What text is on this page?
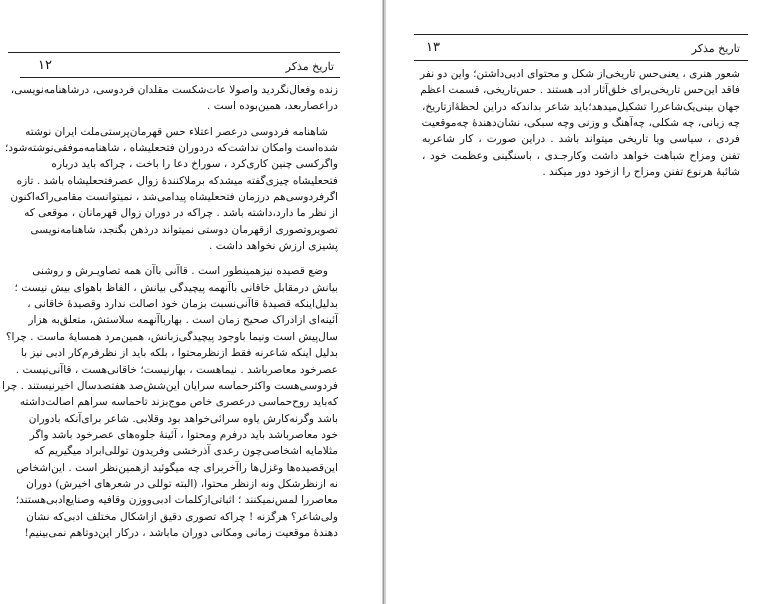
تاریخ مذکر
١٢
زنده وفعال‌نگردید واصولا عات‌شکست مقلدان فردوسی، درشاهنامه‌نویسی،
دراعصاربعد، همین‌بوده است .
شاهنامه فردوسی درعصر اعتلاء حس قهرمان‌پرستی‌ملت ایران نوشته
شده‌است وامکان نداشت‌که دردوران فتحعلیشاه ، شاهنامه‌موفقی‌نوشته‌شود؛
واگرکسی چنین کاری‌کرد ، سوراخ دعا را باخت ، چراکه باید درباره
فتحعلیشاه چیزی‌گفته میشدکه برملاکنندهٔ زوال عصرفتحعلیشاه باشد . تازه
اگرفردوسی‌هم درزمان فتحعلیشاه پیدامی‌شد ، نمیتوانست مقامی‌راکه‌اکنون
از نظر ما دارد،داشته باشد . چراکه در دوران زوال قهرمانان ، موقعی که
تصویروتصوری ازقهرمان دوستی نمیتواند درذهن بگنجد، شاهنامه‌نویسی
پشیزی ارزش نخواهد داشت .
وضع قصیده نیزهمینطور است . قاآنی باآن همه تصاویـرش و روشنی
بیانش درمقابل خاقانی باآنهمه پیچیدگی بیانش ، الفاظ باهوای بیش نیست ؛
بدلیل‌اینکه قصیدهٔ قاآنی‌نسبت بزمان خود اصالت ندارد وقصیدهٔ خاقانی ،
آئینه‌ای ازادراک صحیح زمان است . بهاربا‌آنهمه سلاستش، متعلق‌به هزار
سال‌پیش است ونیما باوجود پیچیدگی‌زبانش، همین‌مرد همسایهٔ ماست . چرا؟
بدلیل اینکه شاعرنه فقط ازنظرمحتوا ، بلکه باید از نظرفرم‌کار ادبی نیز با
عصرخود معاصرباشد . نیماهست ، بهارنیست؛ خاقانی‌هست ، قاآنی‌نیست .
فردوسی‌هست واکثرحماسه سرایان این‌شش‌صد هفتصدسال اخیرنیستند . چرا
که‌باید روح‌حماسی درعصری خاص موج‌بزند تاحماسه سراهم اصالت‌داشته
باشد وگرنه‌کارش یاوه سرائی‌خواهد بود وقلابی. شاعر برای‌آنکه بادوران
خود معاصرباشد باید درفرم ومحتوا ، آئینهٔ جلوه‌های عصرخود باشد واگر
مثلا‌مایه اشخاصی‌چون رعدی آذرخشی وفریدون توللی‌ابراد میگیریم که
این‌قصیده‌ها وغزل‌ها راآخربرای چه میگوئید ازهمین‌نظر است . این‌اشخاص
نه ازنظرشکل ونه ازنظر محتوا، (البته توللی در شعرهای اخیرش) دوران
معاصررا لمس‌نمیکنند ؛ اثباتی‌ازکلمات ادبی‌ووزن وقافیه وصنایع‌ادبی‌هستند؛
ولی‌شاعر؟ هرگزنه ! چراکه تصوری دقیق ازاشکال مختلف ادبی‌که نشان
دهندهٔ موقعیت زمانی ومکانی دوران ماباشد ، درکار این‌دوتاهم نمی‌بینیم!
تاریخ مذکر
١٣
شعور هنری ، یعنی‌حس تاریخی‌از شکل و محتوای ادبی‌داشتن؛ واین دو نفر
فاقد این‌حس تاریخی‌برای خلق‌آثار ادبـ هستند . حس‌تاریخی، قسمت اعظم
جهان بینی‌یک‌شاعررا تشکیل‌میدهد؛باید شاعر بداندکه دراین لحظهٔ‌ازتاریخ،
چه زبانی، چه شکلی، چه‌آهنگ و وزنی وچه سبکی، نشان‌دهندهٔ چه‌موقعیت
فردی ، سیاسی ویا تاریخی میتواند باشد . دراین صورت ، کار شاعربه
تفنن ومزاح شباهت خواهد داشت وکارجـدی ، باسنگینی وعظمت خود ،
شائبهٔ هرنوع تفنن ومزاح را ازخود دور میکند .
